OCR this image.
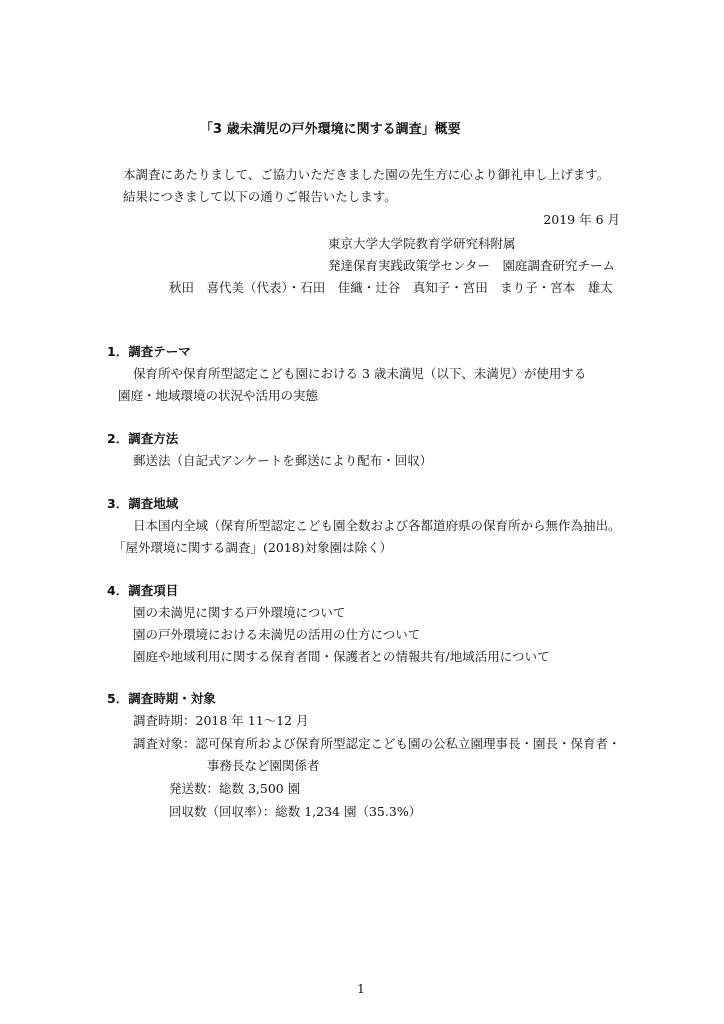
「3 歳未満児の戸外環境に関する調査」概要
本調査にあたりまして、ご協力いただきました園の先生方に心より御礼申し上げます。
結果につきまして以下の通りご報告いたします。
2019 年 6 月
東京大学大学院教育学研究科附属
発達保育実践政策学センター　園庭調査研究チーム
秋田　喜代美（代表）・石田　佳織・辻谷　真知子・宮田　まり子・宮本　雄太
1．調査テーマ
保育所や保育所型認定こども園における 3 歳未満児（以下、未満児）が使用する
園庭・地域環境の状況や活用の実態
2．調査方法
郵送法（自記式アンケートを郵送により配布・回収）
3．調査地域
日本国内全域（保育所型認定こども園全数および各都道府県の保育所から無作為抽出。
「屋外環境に関する調査」(2018)対象園は除く）
4．調査項目
園の未満児に関する戸外環境について
園の戸外環境における未満児の活用の仕方について
園庭や地域利用に関する保育者間・保護者との情報共有/地域活用について
5．調査時期・対象
調査時期：2018 年 11～12 月
調査対象：認可保育所および保育所型認定こども園の公私立園理事長・園長・保育者・
事務長など園関係者
発送数：総数 3,500 園
回収数（回収率）：総数 1,234 園（35.3%）
1
